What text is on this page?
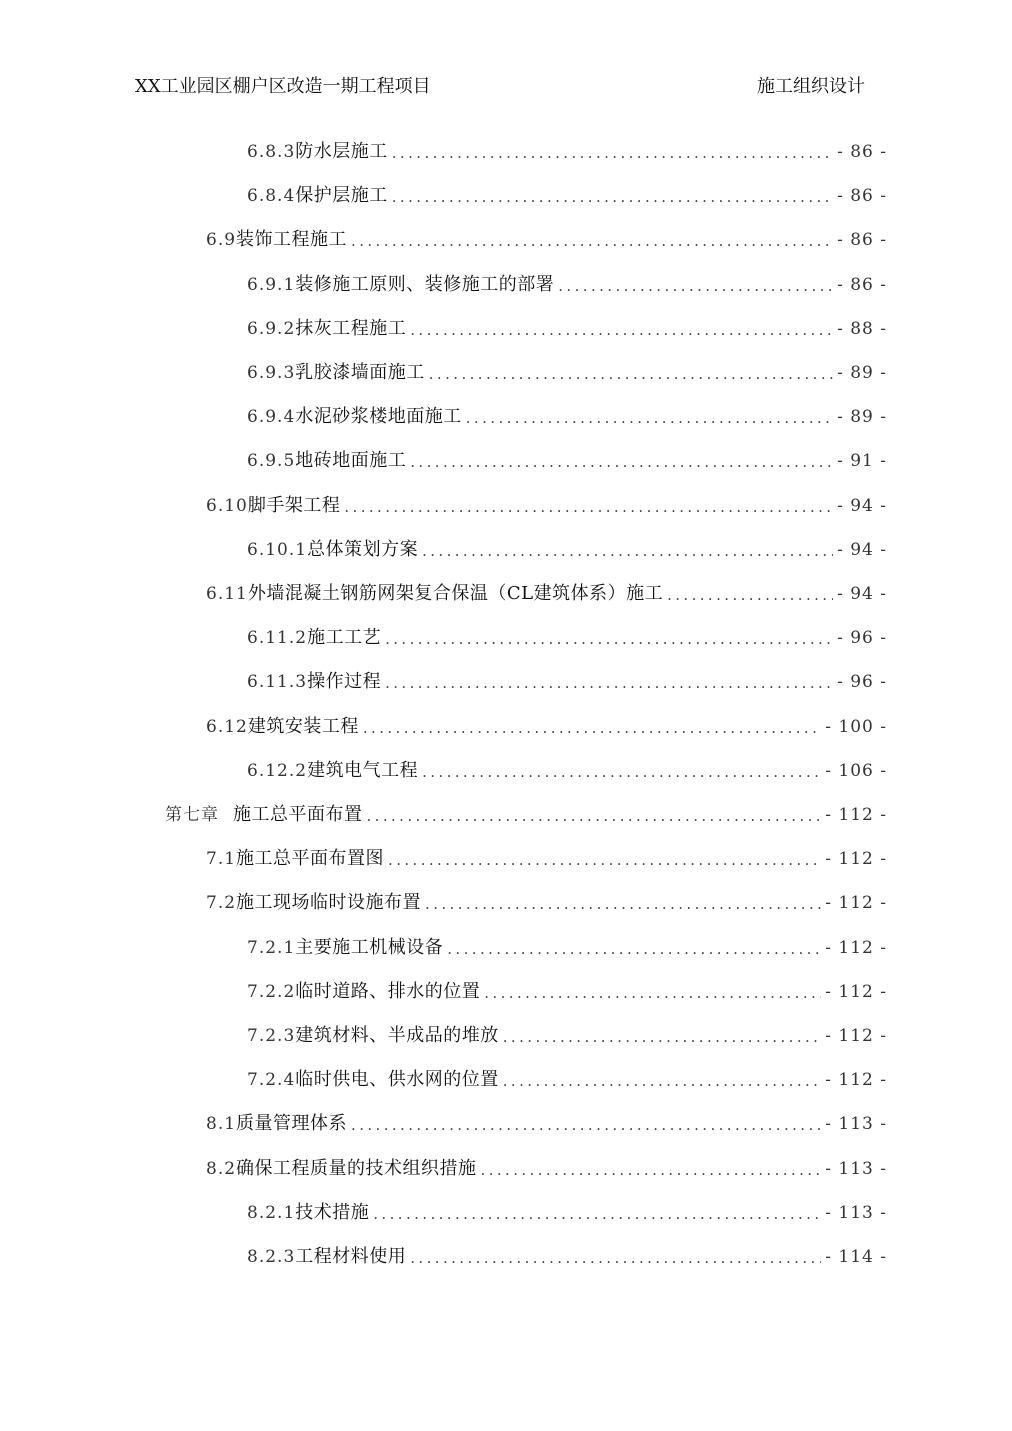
XX工业园区棚户区改造一期工程项目	施工组织设计
6.8.3 防水层施工 .....	- 86 -
6.8.4 保护层施工 .....	- 86 -
6.9 装饰工程施工 .....	- 86 -
6.9.1 装修施工原则、装修施工的部署 .....	- 86 -
6.9.2 抹灰工程施工 .....	- 88 -
6.9.3 乳胶漆墙面施工 .....	- 89 -
6.9.4 水泥砂浆楼地面施工 .....	- 89 -
6.9.5 地砖地面施工 .....	- 91 -
6.10 脚手架工程 .....	- 94 -
6.10.1 总体策划方案 .....	- 94 -
6.11 外墙混凝土钢筋网架复合保温（CL建筑体系）施工 .....	- 94 -
6.11.2 施工工艺 .....	- 96 -
6.11.3 操作过程 .....	- 96 -
6.12 建筑安装工程 .....	- 100 -
6.12.2 建筑电气工程 .....	- 106 -
第七章 施工总平面布置 .....	- 112 -
7.1 施工总平面布置图 .....	- 112 -
7.2 施工现场临时设施布置 .....	- 112 -
7.2.1 主要施工机械设备 .....	- 112 -
7.2.2 临时道路、排水的位置 .....	- 112 -
7.2.3 建筑材料、半成品的堆放 .....	- 112 -
7.2.4 临时供电、供水网的位置 .....	- 112 -
8.1 质量管理体系 .....	- 113 -
8.2 确保工程质量的技术组织措施 .....	- 113 -
8.2.1 技术措施 .....	- 113 -
8.2.3 工程材料使用 .....	- 114 -
